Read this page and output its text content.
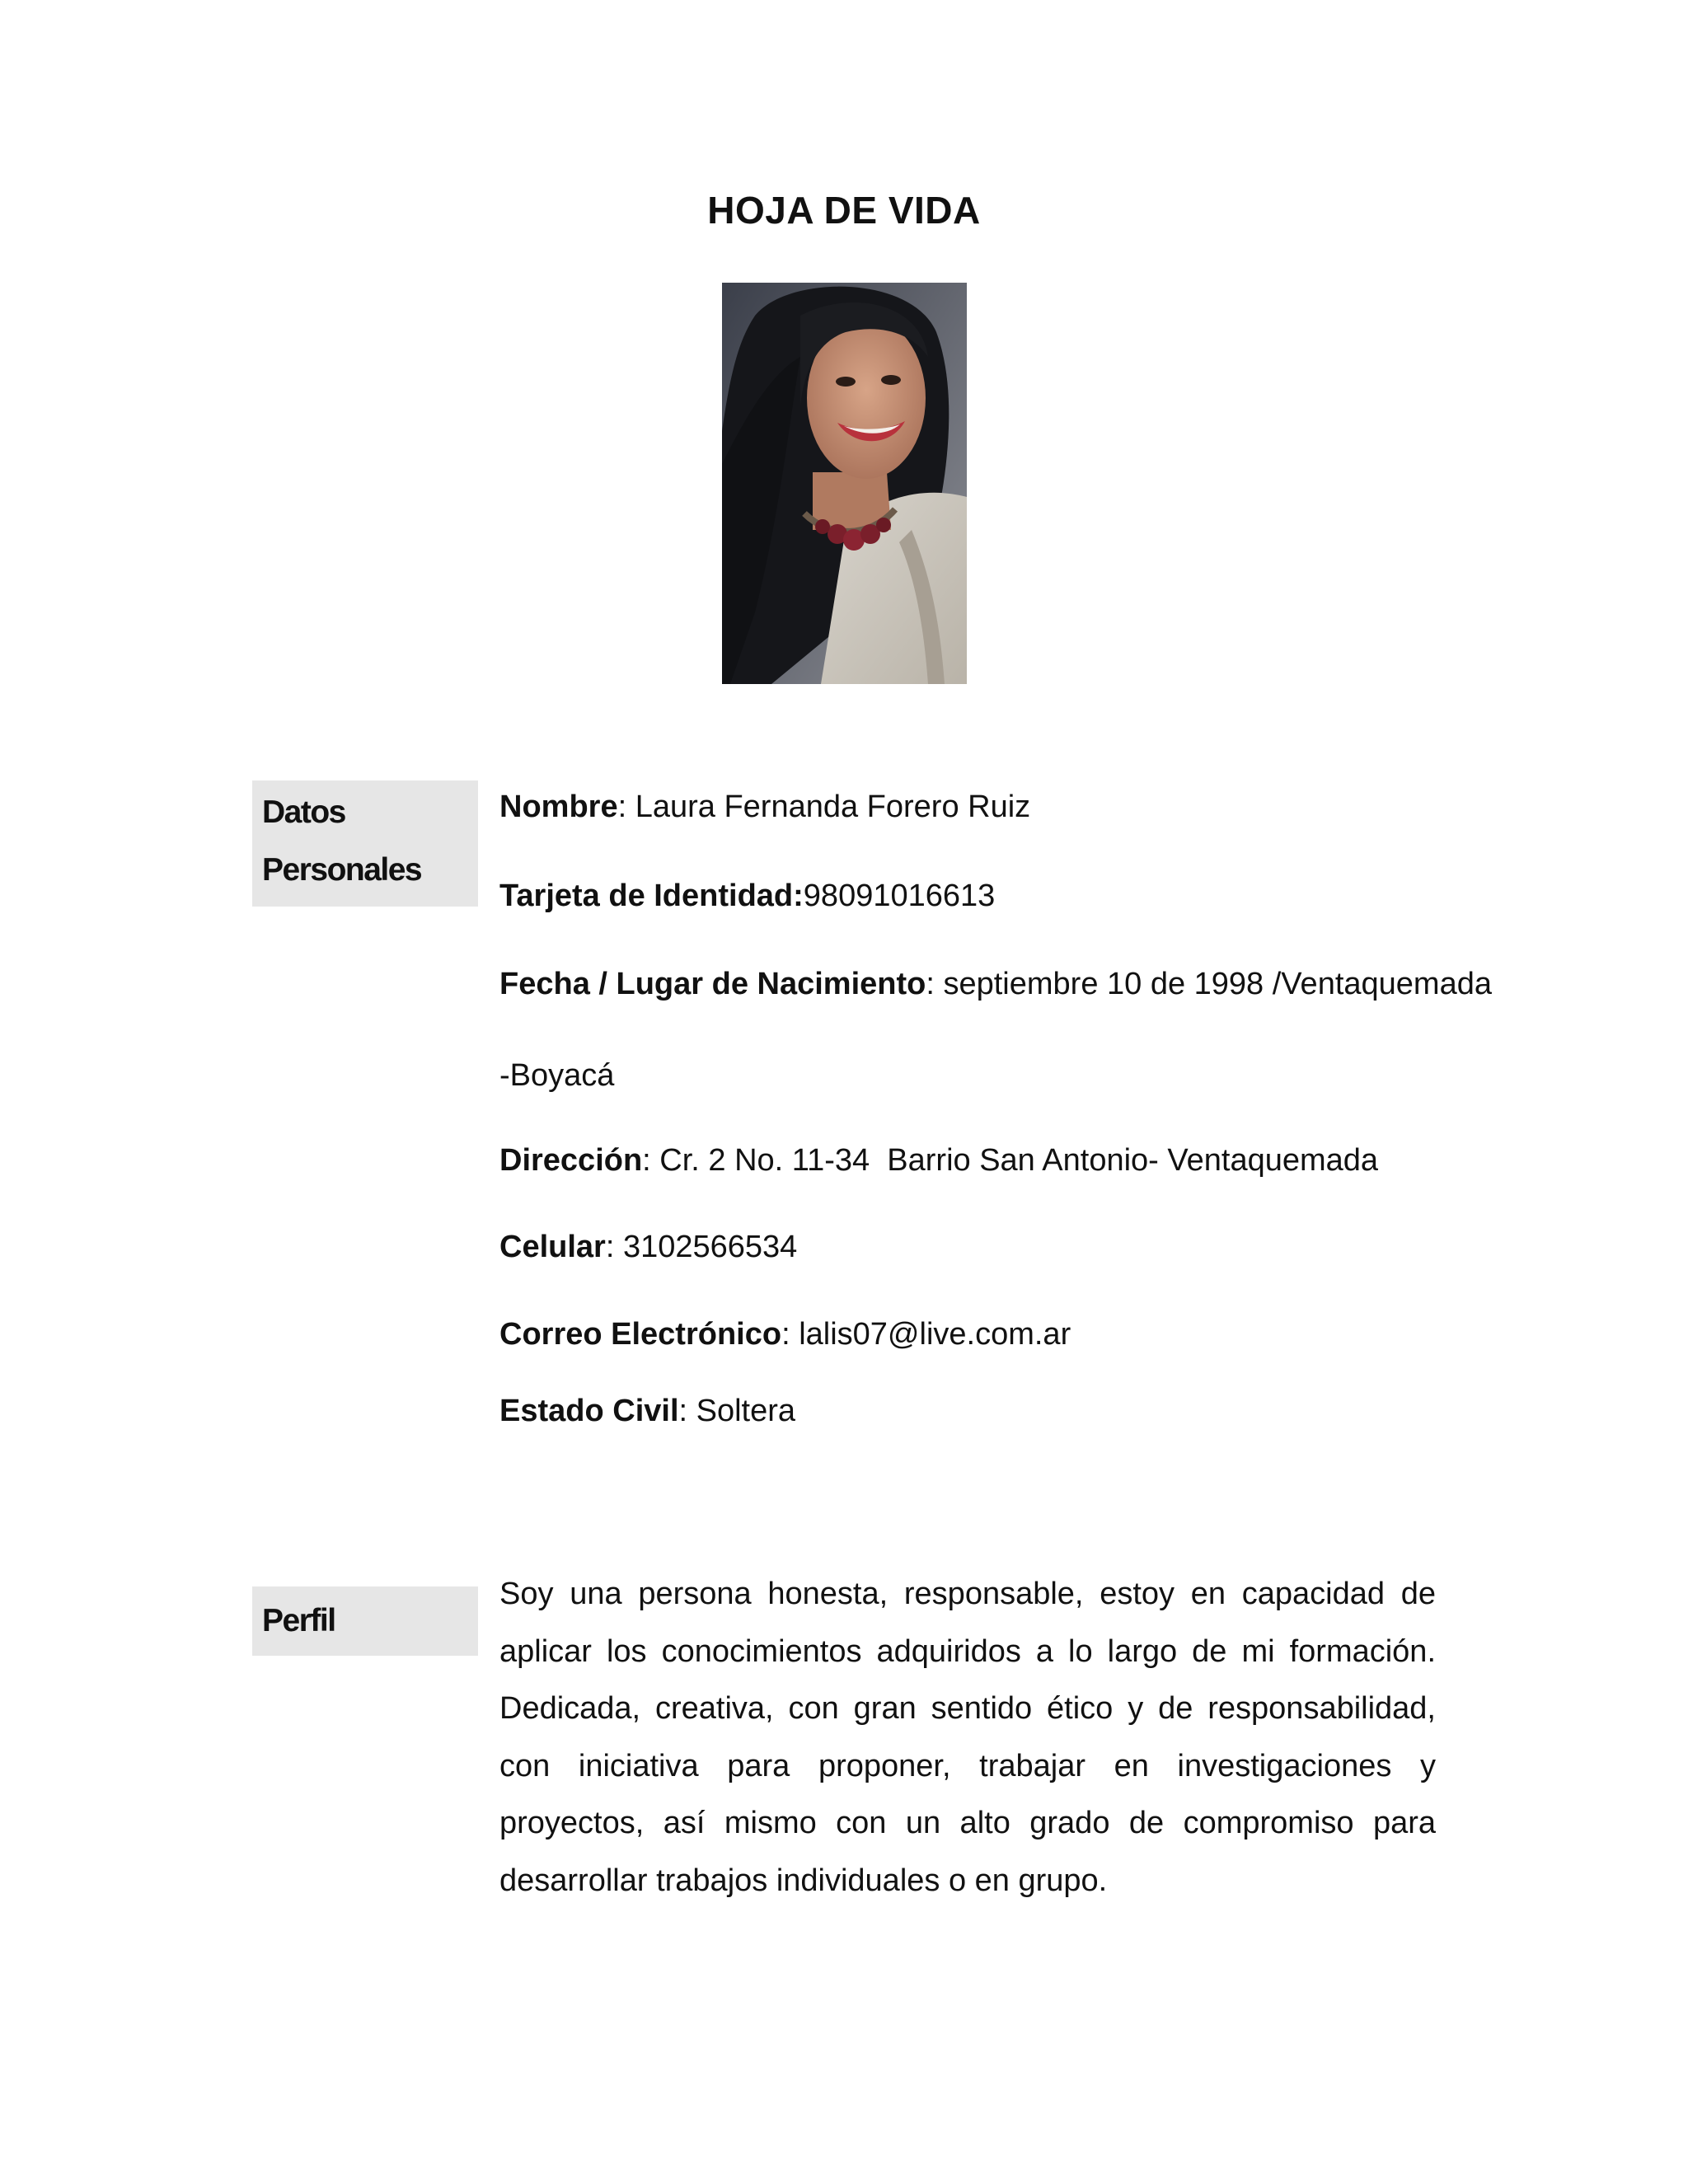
HOJA DE VIDA
Datos
Personales
Nombre: Laura Fernanda Forero Ruiz
Tarjeta de Identidad:98091016613
Fecha / Lugar de Nacimiento: septiembre 10 de 1998 /Ventaquemada
-Boyacá
Dirección: Cr. 2 No. 11-34  Barrio San Antonio- Ventaquemada
Celular: 3102566534
Correo Electrónico: lalis07@live.com.ar
Estado Civil: Soltera
Perfil
Soy una persona honesta, responsable, estoy en capacidad de aplicar los conocimientos adquiridos a lo largo de mi formación. Dedicada, creativa, con gran sentido ético y de responsabilidad, con iniciativa para proponer, trabajar en investigaciones y proyectos, así mismo con un alto grado de compromiso para desarrollar trabajos individuales o en grupo.
